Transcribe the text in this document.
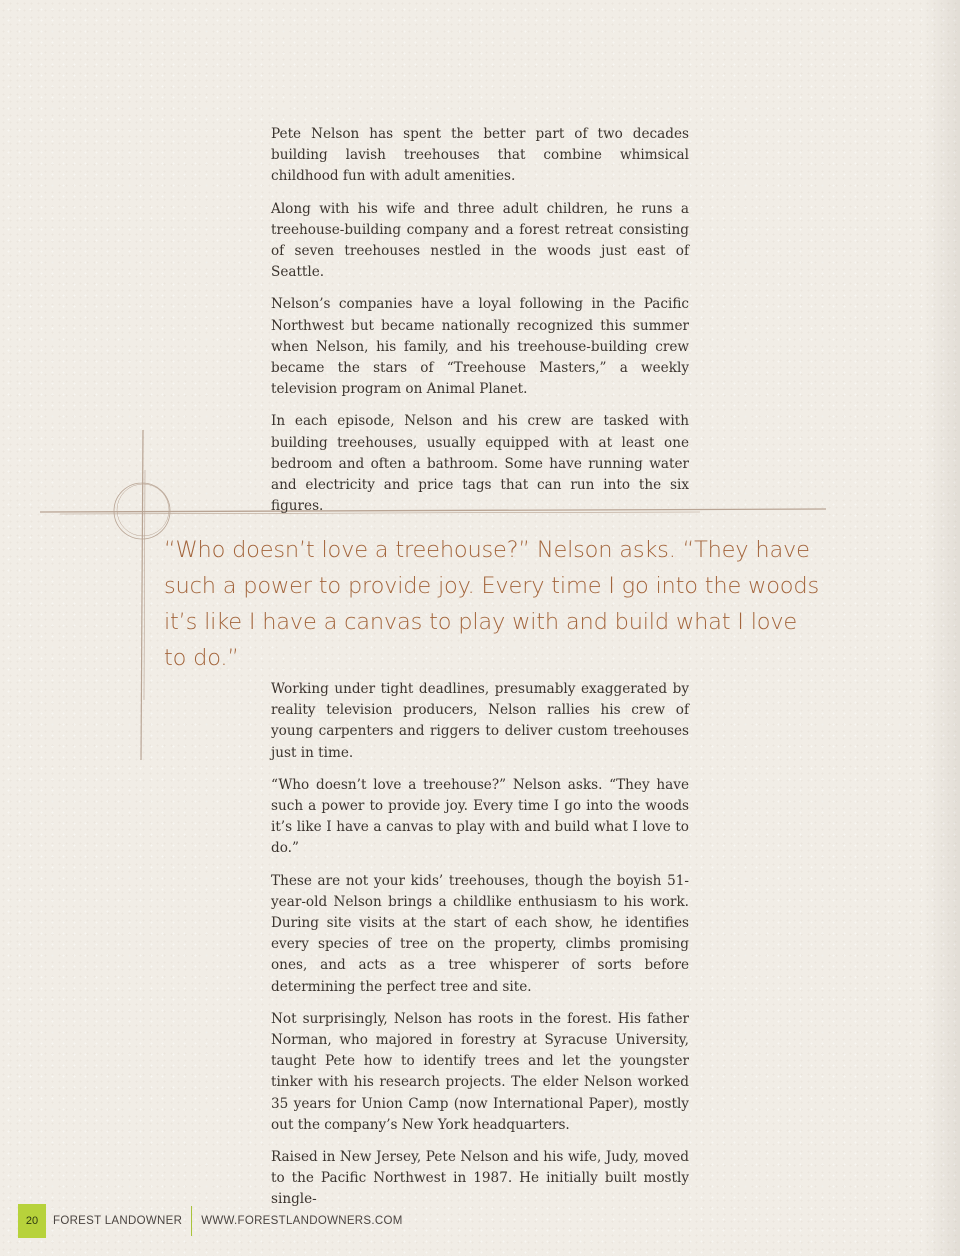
Pete Nelson has spent the better part of two decades building lavish treehouses that combine whimsical childhood fun with adult amenities.

Along with his wife and three adult children, he runs a treehouse-building company and a forest retreat consisting of seven treehouses nestled in the woods just east of Seattle.

Nelson’s companies have a loyal following in the Pacific Northwest but became nationally recognized this summer when Nelson, his family, and his treehouse-building crew became the stars of “Treehouse Masters,” a weekly television program on Animal Planet.

In each episode, Nelson and his crew are tasked with building treehouses, usually equipped with at least one bedroom and often a bathroom. Some have running water and electricity and price tags that can run into the six figures.

“Who doesn’t love a treehouse?” Nelson asks. “They have such a power to provide joy. Every time I go into the woods it’s like I have a canvas to play with and build what I love to do.”

Working under tight deadlines, presumably exaggerated by reality television producers, Nelson rallies his crew of young carpenters and riggers to deliver custom treehouses just in time.

“Who doesn’t love a treehouse?” Nelson asks. “They have such a power to provide joy. Every time I go into the woods it’s like I have a canvas to play with and build what I love to do.”

These are not your kids’ treehouses, though the boyish 51-year-old Nelson brings a childlike enthusiasm to his work. During site visits at the start of each show, he identifies every species of tree on the property, climbs promising ones, and acts as a tree whisperer of sorts before determining the perfect tree and site.

Not surprisingly, Nelson has roots in the forest. His father Norman, who majored in forestry at Syracuse University, taught Pete how to identify trees and let the youngster tinker with his research projects. The elder Nelson worked 35 years for Union Camp (now International Paper), mostly out the company’s New York headquarters.

Raised in New Jersey, Pete Nelson and his wife, Judy, moved to the Pacific Northwest in 1987. He initially built mostly single-

20	FOREST LANDOWNER WWW.FORESTLANDOWNERS.COM
